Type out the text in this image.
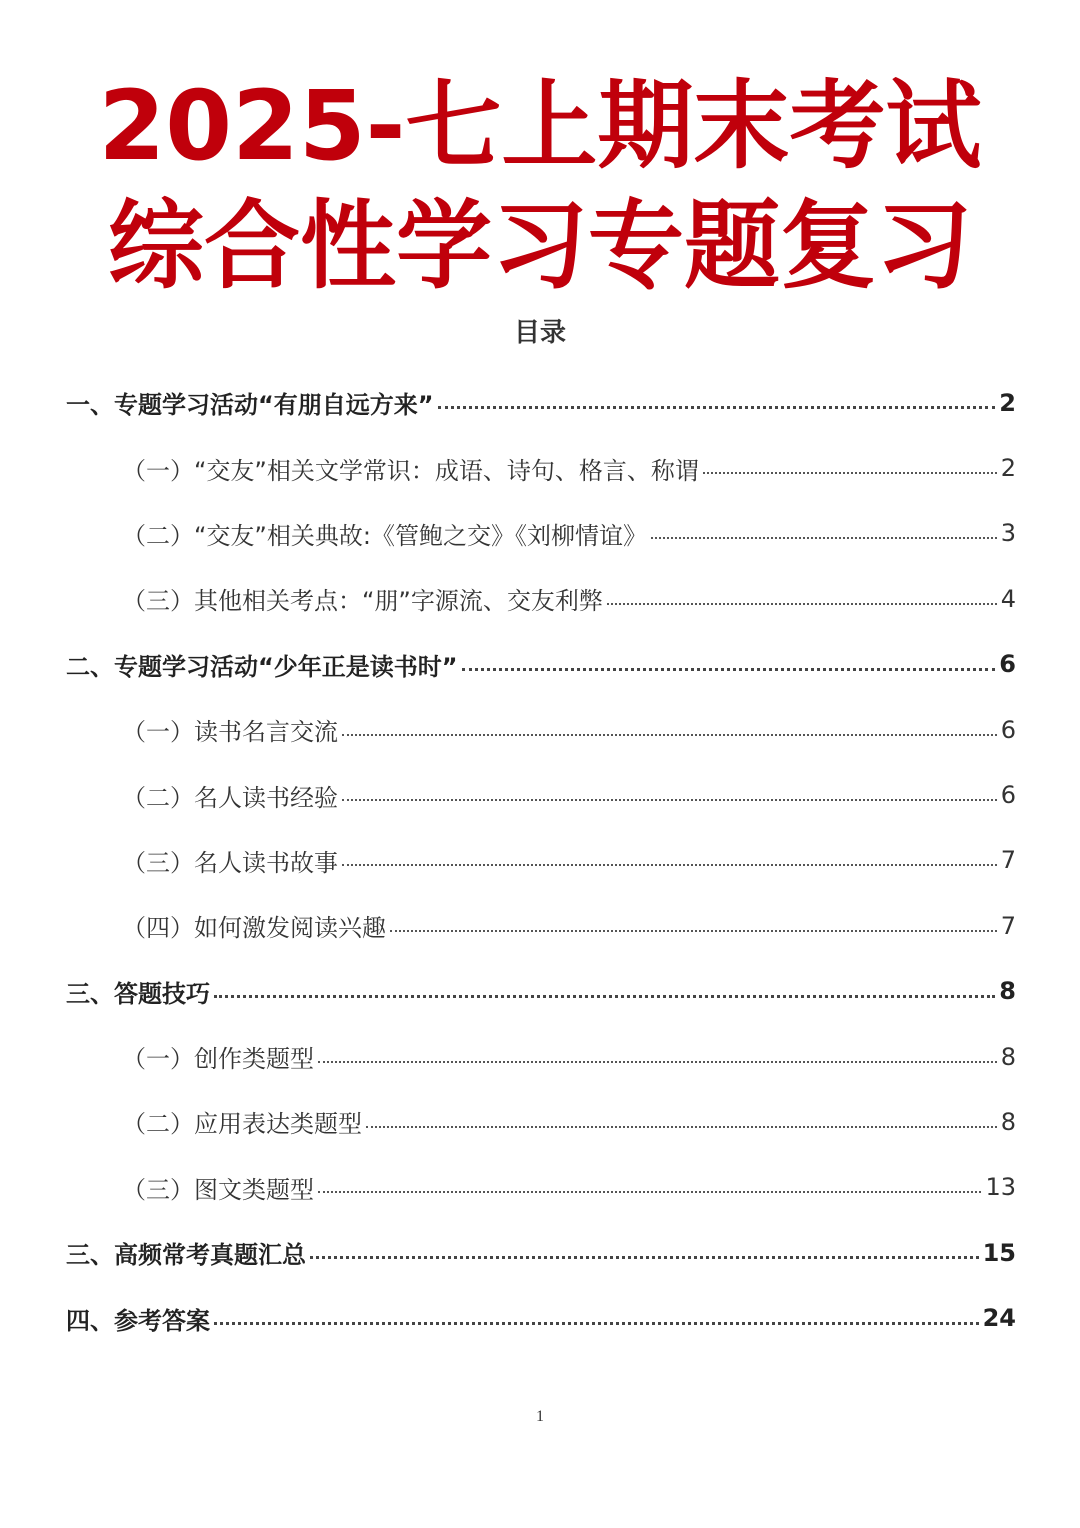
2025-七上期末考试
综合性学习专题复习
目录
一、专题学习活动“有朋自远方来”	2
（一）“交友”相关文学常识：成语、诗句、格言、称谓	2
（二）“交友”相关典故:《管鲍之交》《刘柳情谊》	3
（三）其他相关考点：“朋”字源流、交友利弊	4
二、专题学习活动“少年正是读书时”	6
（一）读书名言交流	6
（二）名人读书经验	6
（三）名人读书故事	7
（四）如何激发阅读兴趣	7
三、答题技巧	8
（一）创作类题型	8
（二）应用表达类题型	8
（三）图文类题型	13
三、高频常考真题汇总	15
四、参考答案	24
1
